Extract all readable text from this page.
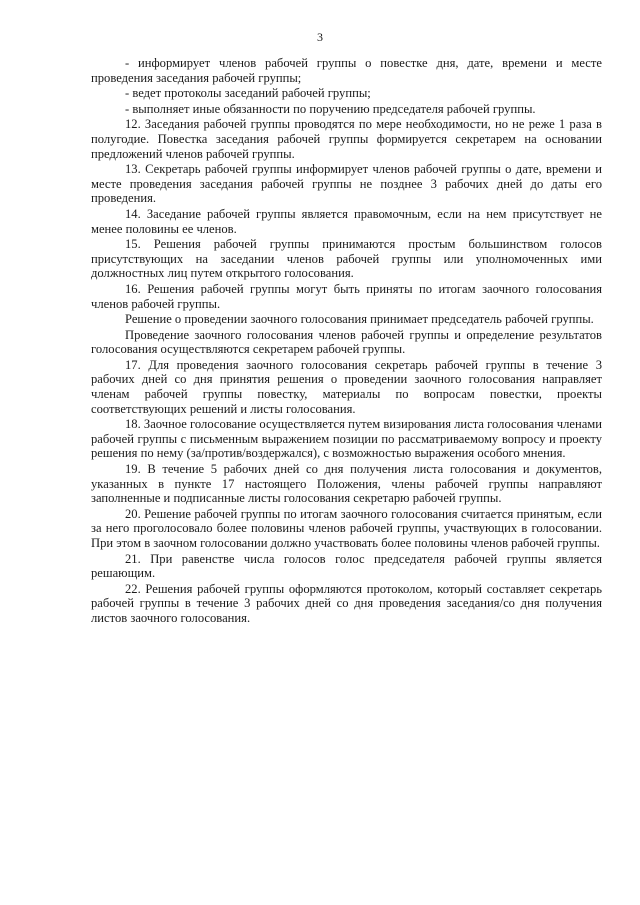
3

- информирует членов рабочей группы о повестке дня, дате, времени и месте проведения заседания рабочей группы;

- ведет протоколы заседаний рабочей группы;

- выполняет иные обязанности по поручению председателя рабочей группы.

12. Заседания рабочей группы проводятся по мере необходимости, но не реже 1 раза в полугодие. Повестка заседания рабочей группы формируется секретарем на основании предложений членов рабочей группы.

13. Секретарь рабочей группы информирует членов рабочей группы о дате, времени и месте проведения заседания рабочей группы не позднее 3 рабочих дней до даты его проведения.

14. Заседание рабочей группы является правомочным, если на нем присутствует не менее половины ее членов.

15. Решения рабочей группы принимаются простым большинством голосов присутствующих на заседании членов рабочей группы или уполномоченных ими должностных лиц путем открытого голосования.

16. Решения рабочей группы могут быть приняты по итогам заочного голосования членов рабочей группы.

Решение о проведении заочного голосования принимает председатель рабочей группы.

Проведение заочного голосования членов рабочей группы и определение результатов голосования осуществляются секретарем рабочей группы.

17. Для проведения заочного голосования секретарь рабочей группы в течение 3 рабочих дней со дня принятия решения о проведении заочного голосования направляет членам рабочей группы повестку, материалы по вопросам повестки, проекты соответствующих решений и листы голосования.

18. Заочное голосование осуществляется путем визирования листа голосования членами рабочей группы с письменным выражением позиции по рассматриваемому вопросу и проекту решения по нему (за/против/воздержался), с возможностью выражения особого мнения.

19. В течение 5 рабочих дней со дня получения листа голосования и документов, указанных в пункте 17 настоящего Положения, члены рабочей группы направляют заполненные и подписанные листы голосования секретарю рабочей группы.

20. Решение рабочей группы по итогам заочного голосования считается принятым, если за него проголосовало более половины членов рабочей группы, участвующих в голосовании. При этом в заочном голосовании должно участвовать более половины членов рабочей группы.

21. При равенстве числа голосов голос председателя рабочей группы является решающим.

22. Решения рабочей группы оформляются протоколом, который составляет секретарь рабочей группы в течение 3 рабочих дней со дня проведения заседания/со дня получения листов заочного голосования.
